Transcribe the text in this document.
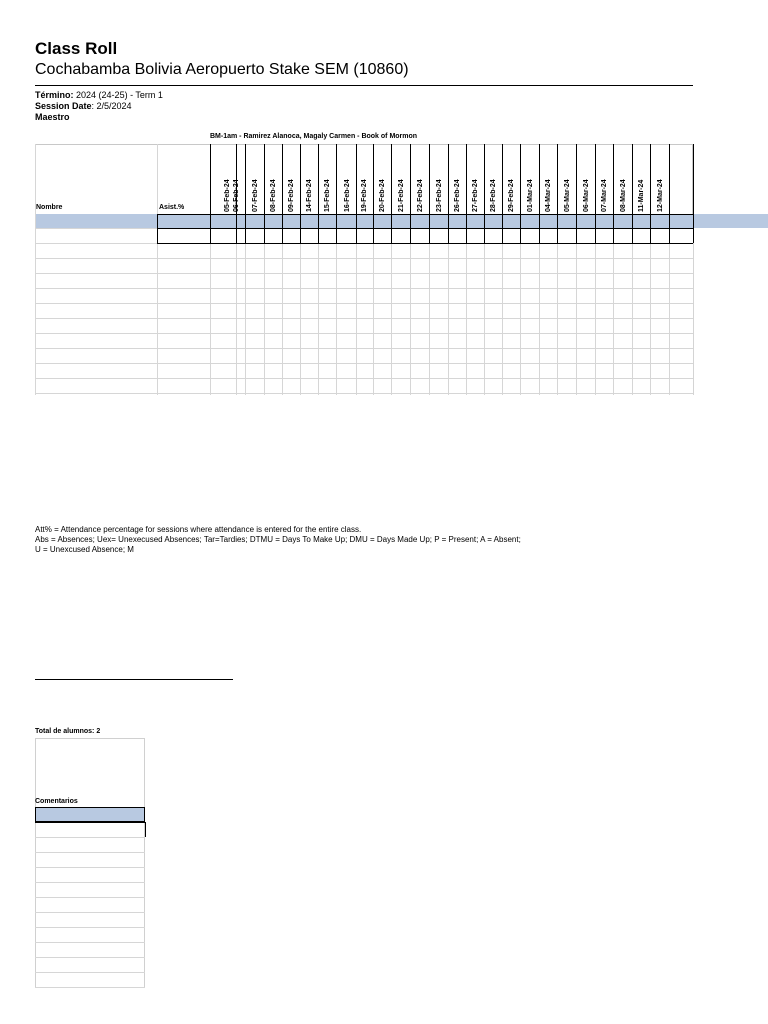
Class Roll
Cochabamba Bolivia Aeropuerto Stake SEM (10860)
Término: 2024 (24-25) - Term 1
Session Date: 2/5/2024
Maestro
BM-1am - Ramirez Alanoca, Magaly Carmen - Book of Mormon
Nombre	Asist.%	05-Feb-24 06-Feb-24 07-Feb-24 08-Feb-24 09-Feb-24 14-Feb-24 15-Feb-24 16-Feb-24 19-Feb-24 20-Feb-24 21-Feb-24 22-Feb-24 23-Feb-24 26-Feb-24 27-Feb-24 28-Feb-24 29-Feb-24 01-Mar-24 04-Mar-24 05-Mar-24 06-Mar-24 07-Mar-24 08-Mar-24 11-Mar-24 12-Mar-24
Att% = Attendance percentage for sessions where attendance is entered for the entire class.
Abs = Absences; Uex= Unexecused Absences; Tar=Tardies; DTMU = Days To Make Up; DMU = Days Made Up; P = Present; A = Absent;
U = Unexcused Absence; M
Total de alumnos: 2
Comentarios
